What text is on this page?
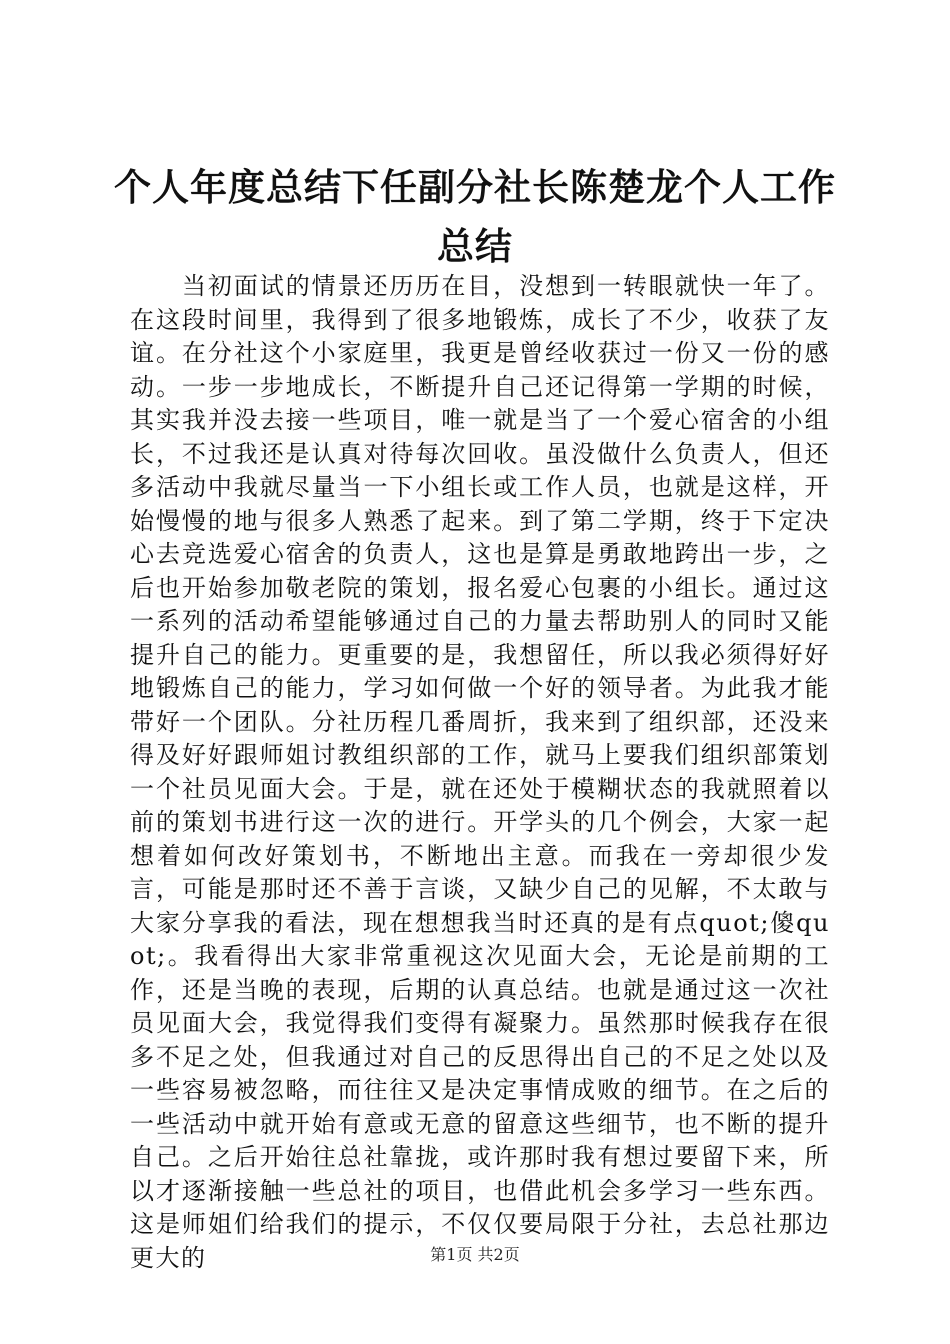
个人年度总结下任副分社长陈楚龙个人工作总结

当初面试的情景还历历在目，没想到一转眼就快一年了。在这段时间里，我得到了很多地锻炼，成长了不少，收获了友谊。在分社这个小家庭里，我更是曾经收获过一份又一份的感动。一步一步地成长，不断提升自己还记得第一学期的时候，其实我并没去接一些项目，唯一就是当了一个爱心宿舍的小组长，不过我还是认真对待每次回收。虽没做什么负责人，但还多活动中我就尽量当一下小组长或工作人员，也就是这样，开始慢慢的地与很多人熟悉了起来。到了第二学期，终于下定决心去竞选爱心宿舍的负责人，这也是算是勇敢地跨出一步，之后也开始参加敬老院的策划，报名爱心包裹的小组长。通过这一系列的活动希望能够通过自己的力量去帮助别人的同时又能提升自己的能力。更重要的是，我想留任，所以我必须得好好地锻炼自己的能力，学习如何做一个好的领导者。为此我才能带好一个团队。分社历程几番周折，我来到了组织部，还没来得及好好跟师姐讨教组织部的工作，就马上要我们组织部策划一个社员见面大会。于是，就在还处于模糊状态的我就照着以前的策划书进行这一次的进行。开学头的几个例会，大家一起想着如何改好策划书，不断地出主意。而我在一旁却很少发言，可能是那时还不善于言谈，又缺少自己的见解，不太敢与大家分享我的看法，现在想想我当时还真的是有点quot;傻quot;。我看得出大家非常重视这次见面大会，无论是前期的工作，还是当晚的表现，后期的认真总结。也就是通过这一次社员见面大会，我觉得我们变得有凝聚力。虽然那时候我存在很多不足之处，但我通过对自己的反思得出自己的不足之处以及一些容易被忽略，而往往又是决定事情成败的细节。在之后的一些活动中就开始有意或无意的留意这些细节，也不断的提升自己。之后开始往总社靠拢，或许那时我有想过要留下来，所以才逐渐接触一些总社的项目，也借此机会多学习一些东西。这是师姐们给我们的提示，不仅仅要局限于分社，去总社那边更大的	第1页 共2页
